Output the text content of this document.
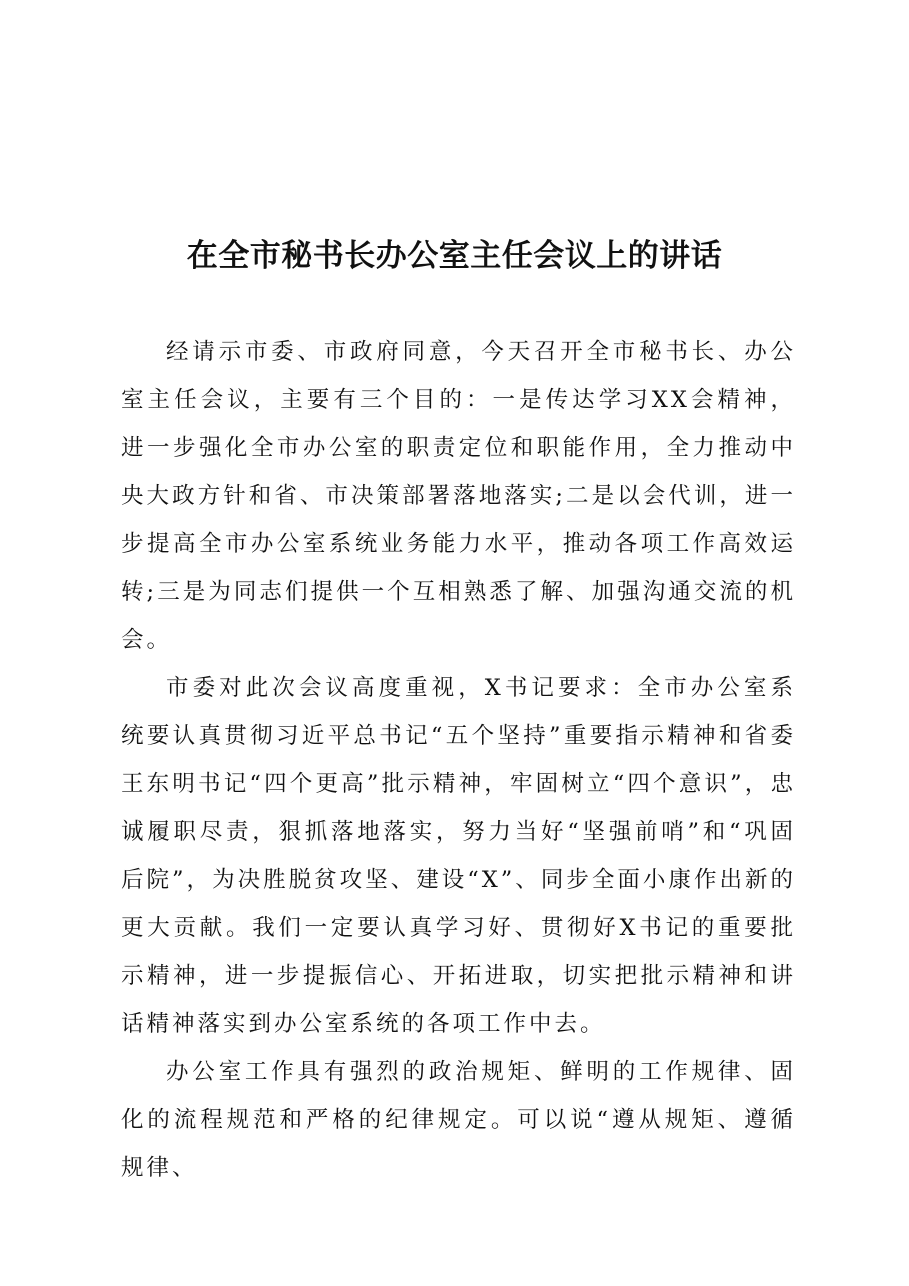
在全市秘书长办公室主任会议上的讲话

经请示市委、市政府同意，今天召开全市秘书长、办公室主任会议，主要有三个目的：一是传达学习XX会精神，进一步强化全市办公室的职责定位和职能作用，全力推动中央大政方针和省、市决策部署落地落实;二是以会代训，进一步提高全市办公室系统业务能力水平，推动各项工作高效运转;三是为同志们提供一个互相熟悉了解、加强沟通交流的机会。

市委对此次会议高度重视，X书记要求：全市办公室系统要认真贯彻习近平总书记“五个坚持”重要指示精神和省委王东明书记“四个更高”批示精神，牢固树立“四个意识”，忠诚履职尽责，狠抓落地落实，努力当好“坚强前哨”和“巩固后院”，为决胜脱贫攻坚、建设“X”、同步全面小康作出新的更大贡献。我们一定要认真学习好、贯彻好X书记的重要批示精神，进一步提振信心、开拓进取，切实把批示精神和讲话精神落实到办公室系统的各项工作中去。

办公室工作具有强烈的政治规矩、鲜明的工作规律、固化的流程规范和严格的纪律规定。可以说“遵从规矩、遵循规律、
